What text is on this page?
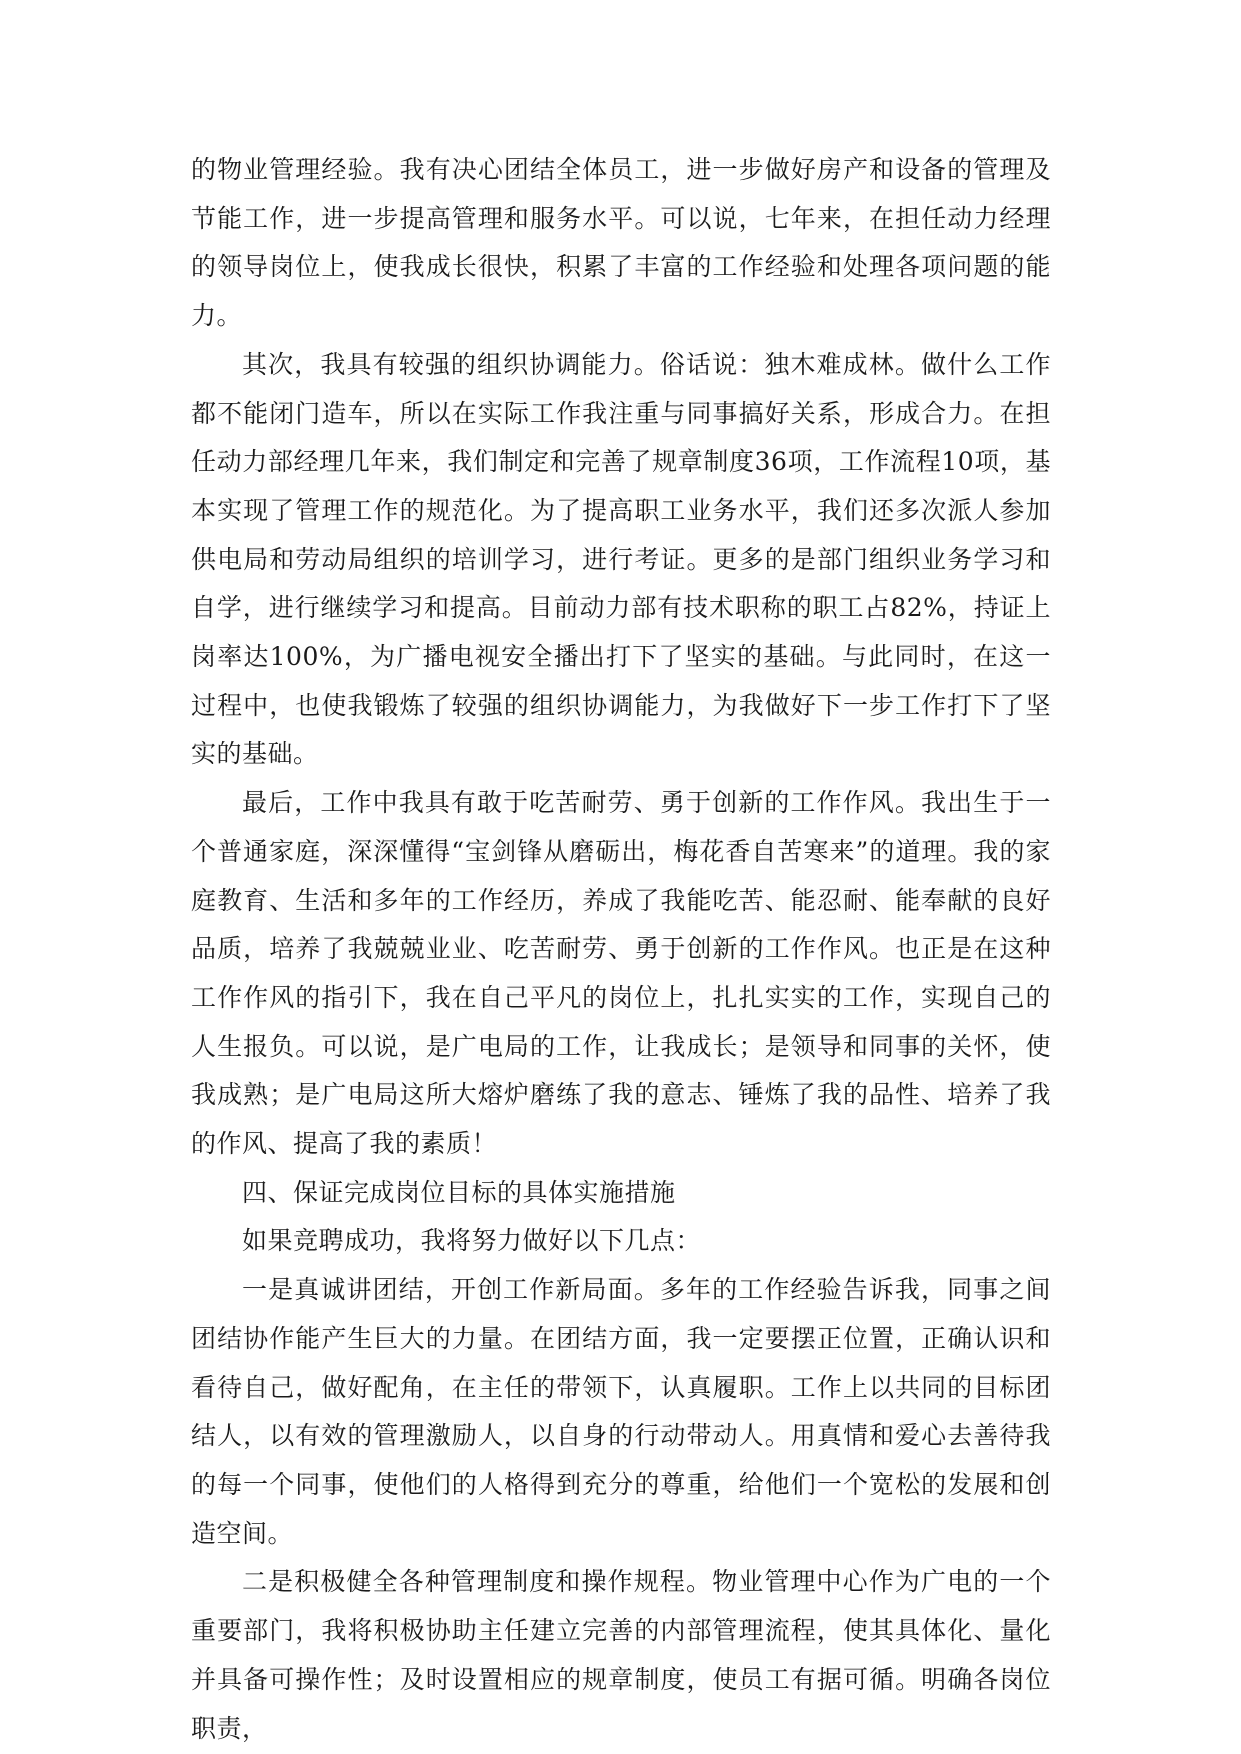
的物业管理经验。我有决心团结全体员工，进一步做好房产和设备的管理及节能工作，进一步提高管理和服务水平。可以说，七年来，在担任动力经理的领导岗位上，使我成长很快，积累了丰富的工作经验和处理各项问题的能力。

其次，我具有较强的组织协调能力。俗话说：独木难成林。做什么工作都不能闭门造车，所以在实际工作我注重与同事搞好关系，形成合力。在担任动力部经理几年来，我们制定和完善了规章制度36项，工作流程10项，基本实现了管理工作的规范化。为了提高职工业务水平，我们还多次派人参加供电局和劳动局组织的培训学习，进行考证。更多的是部门组织业务学习和自学，进行继续学习和提高。目前动力部有技术职称的职工占82%，持证上岗率达100%，为广播电视安全播出打下了坚实的基础。与此同时，在这一过程中，也使我锻炼了较强的组织协调能力，为我做好下一步工作打下了坚实的基础。

最后，工作中我具有敢于吃苦耐劳、勇于创新的工作作风。我出生于一个普通家庭，深深懂得“宝剑锋从磨砺出，梅花香自苦寒来”的道理。我的家庭教育、生活和多年的工作经历，养成了我能吃苦、能忍耐、能奉献的良好品质，培养了我兢兢业业、吃苦耐劳、勇于创新的工作作风。也正是在这种工作作风的指引下，我在自己平凡的岗位上，扎扎实实的工作，实现自己的人生报负。可以说，是广电局的工作，让我成长；是领导和同事的关怀，使我成熟；是广电局这所大熔炉磨练了我的意志、锤炼了我的品性、培养了我的作风、提高了我的素质！

四、保证完成岗位目标的具体实施措施

如果竞聘成功，我将努力做好以下几点：

一是真诚讲团结，开创工作新局面。多年的工作经验告诉我，同事之间团结协作能产生巨大的力量。在团结方面，我一定要摆正位置，正确认识和看待自己，做好配角，在主任的带领下，认真履职。工作上以共同的目标团结人，以有效的管理激励人，以自身的行动带动人。用真情和爱心去善待我的每一个同事，使他们的人格得到充分的尊重，给他们一个宽松的发展和创造空间。

二是积极健全各种管理制度和操作规程。物业管理中心作为广电的一个重要部门，我将积极协助主任建立完善的内部管理流程，使其具体化、量化并具备可操作性；及时设置相应的规章制度，使员工有据可循。明确各岗位职责，
